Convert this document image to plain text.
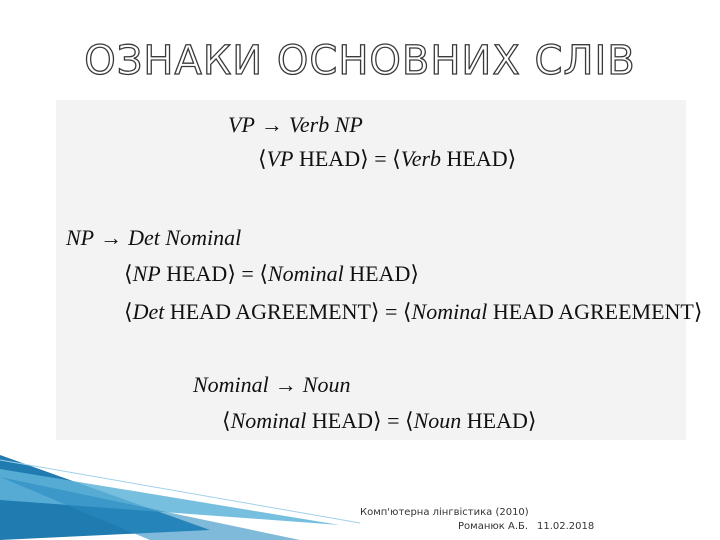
ОЗНАКИ ОСНОВНИХ СЛІВ
VP → Verb NP
⟨VP HEAD⟩ = ⟨Verb HEAD⟩
NP → Det Nominal
⟨NP HEAD⟩ = ⟨Nominal HEAD⟩
⟨Det HEAD AGREEMENT⟩ = ⟨Nominal HEAD AGREEMENT⟩
Nominal → Noun
⟨Nominal HEAD⟩ = ⟨Noun HEAD⟩
Комп'ютерна лінгвістика (2010)
Романюк А.Б. 11.02.2018
